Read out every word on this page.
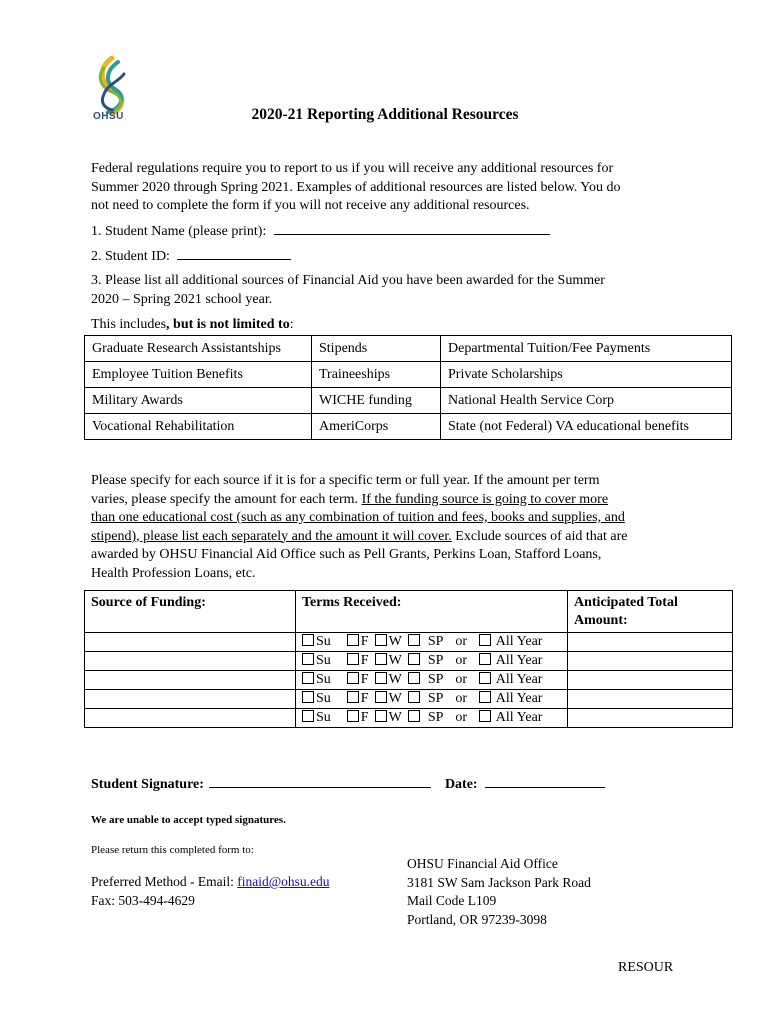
OHSU	2020-21 Reporting Additional Resources
Federal regulations require you to report to us if you will receive any additional resources for
Summer 2020 through Spring 2021. Examples of additional resources are listed below. You do
not need to complete the form if you will not receive any additional resources.
1. Student Name (please print):
2. Student ID:
3. Please list all additional sources of Financial Aid you have been awarded for the Summer
2020 – Spring 2021 school year.
This includes, but is not limited to:
Graduate Research Assistantships	Stipends	Departmental Tuition/Fee Payments
Employee Tuition Benefits	Traineeships	Private Scholarships
Military Awards	WICHE funding	National Health Service Corp
Vocational Rehabilitation	AmeriCorps	State (not Federal) VA educational benefits
Please specify for each source if it is for a specific term or full year. If the amount per term
varies, please specify the amount for each term. If the funding source is going to cover more
than one educational cost (such as any combination of tuition and fees, books and supplies, and
stipend), please list each separately and the amount it will cover. Exclude sources of aid that are
awarded by OHSU Financial Aid Office such as Pell Grants, Perkins Loan, Stafford Loans,
Health Profession Loans, etc.
Source of Funding:	Terms Received:	Anticipated Total
Amount:

	Su F W SP or All Year	
	Su F W SP or All Year	
	Su F W SP or All Year	
	Su F W SP or All Year	
	Su F W SP or All Year	
Student Signature:	Date:
We are unable to accept typed signatures.
Please return this completed form to:
Preferred Method - Email: finaid@ohsu.edu
Fax: 503-494-4629
OHSU Financial Aid Office
3181 SW Sam Jackson Park Road
Mail Code L109
Portland, OR 97239-3098
RESOUR
